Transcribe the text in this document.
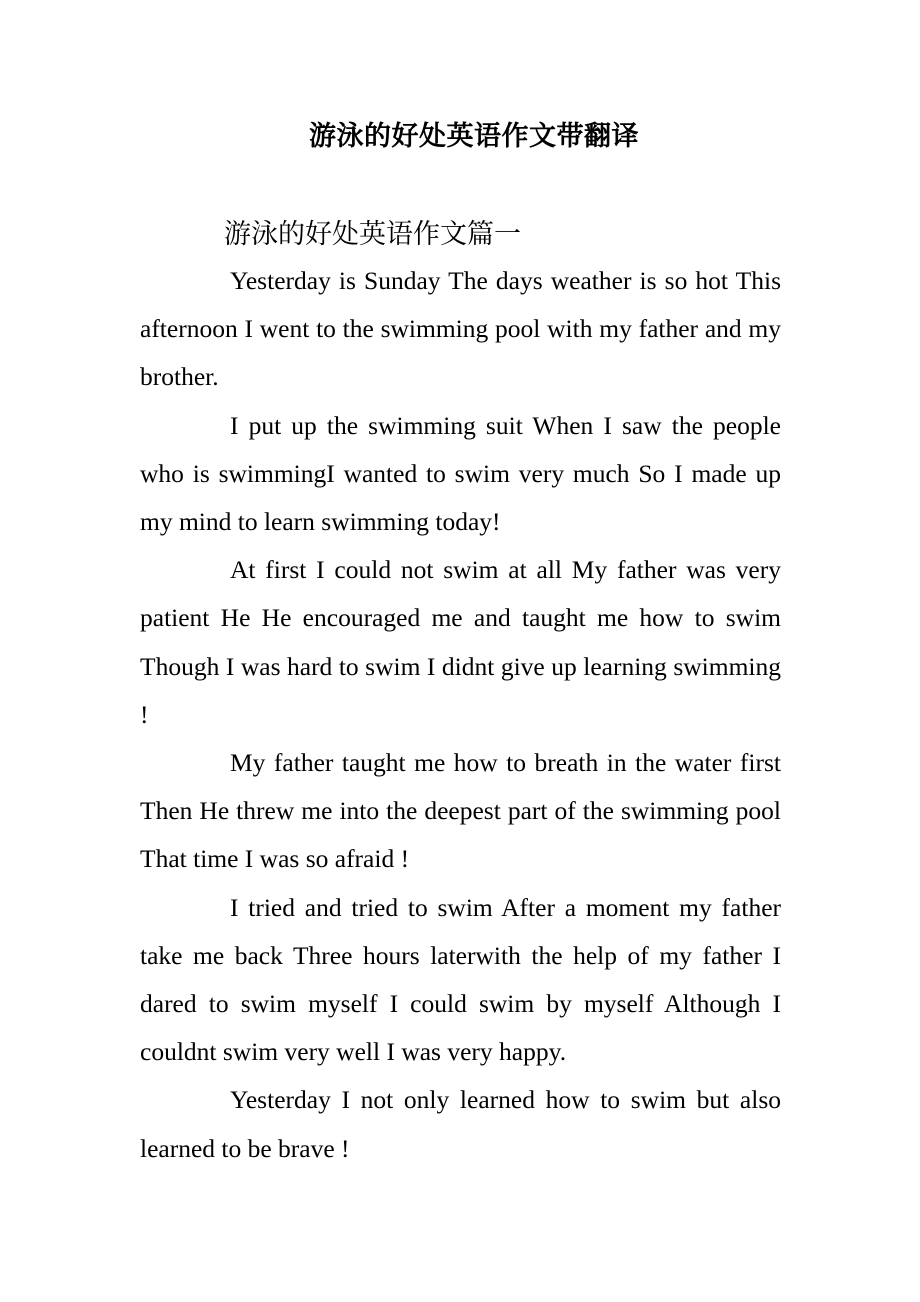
游泳的好处英语作文带翻译
游泳的好处英语作文篇一

Yesterday is Sunday The days weather is so hot This afternoon I went to the swimming pool with my father and my brother.

I put up the swimming suit When I saw the people who is swimmingI wanted to swim very much So I made up my mind to learn swimming today!

At first I could not swim at all My father was very patient He He encouraged me and taught me how to swim Though I was hard to swim I didnt give up learning swimming !

My father taught me how to breath in the water first Then He threw me into the deepest part of the swimming pool That time I was so afraid !

I tried and tried to swim After a moment my father take me back Three hours laterwith the help of my father I dared to swim myself I could swim by myself Although I couldnt swim very well I was very happy.

Yesterday I not only learned how to swim but also learned to be brave !
